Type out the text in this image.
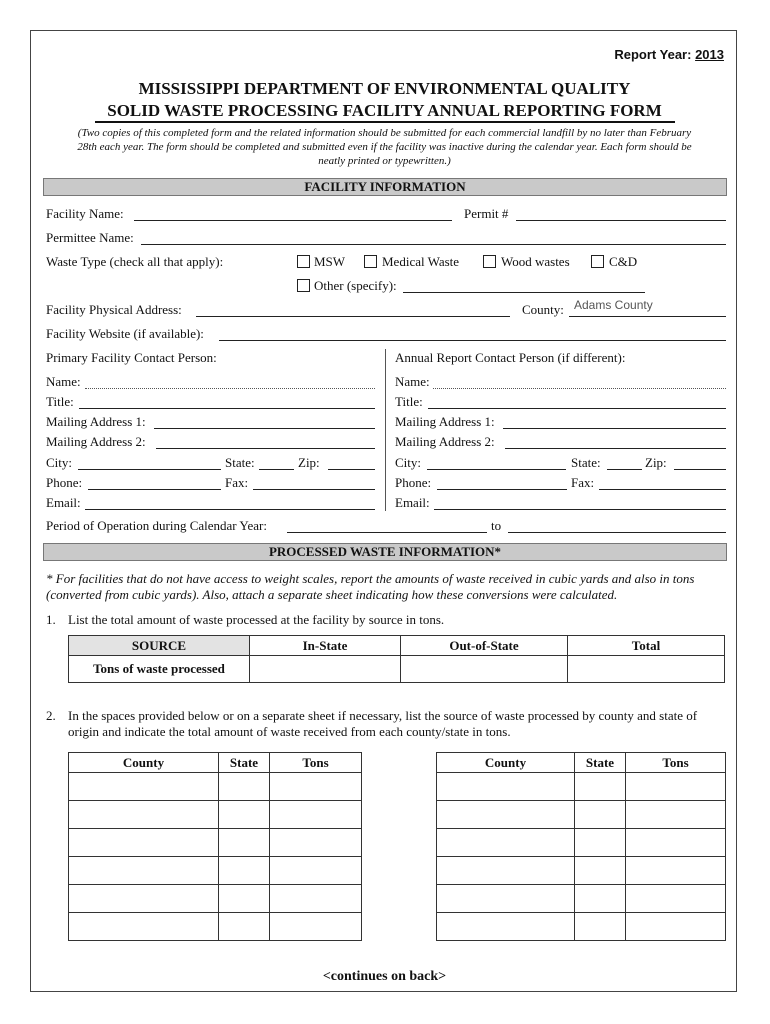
Report Year: 2013
MISSISSIPPI DEPARTMENT OF ENVIRONMENTAL QUALITY
SOLID WASTE PROCESSING FACILITY ANNUAL REPORTING FORM
(Two copies of this completed form and the related information should be submitted for each commercial landfill by no later than February 28th each year. The form should be completed and submitted even if the facility was inactive during the calendar year. Each form should be neatly printed or typewritten.)
FACILITY INFORMATION
Facility Name:	Permit #
Permittee Name:
Waste Type (check all that apply):	MSW	Medical Waste	Wood wastes	C&D
Other (specify):
Facility Physical Address:	County: Adams County
Facility Website (if available):
Primary Facility Contact Person:	Annual Report Contact Person (if different):
Name:
Title:
Mailing Address 1:
Mailing Address 2:
City:	State:	Zip:
Phone:	Fax:
Email:
Name:
Title:
Mailing Address 1:
Mailing Address 2:
City:	State:	Zip:
Phone:	Fax:
Email:
Period of Operation during Calendar Year:	to
PROCESSED WASTE INFORMATION*
* For facilities that do not have access to weight scales, report the amounts of waste received in cubic yards and also in tons (converted from cubic yards). Also, attach a separate sheet indicating how these conversions were calculated.
1. List the total amount of waste processed at the facility by source in tons.
SOURCE	In-State	Out-of-State	Total
Tons of waste processed			
2. In the spaces provided below or on a separate sheet if necessary, list the source of waste processed by county and state of origin and indicate the total amount of waste received from each county/state in tons.
County	State	Tons

			County	State	Tons

<continues on back>
